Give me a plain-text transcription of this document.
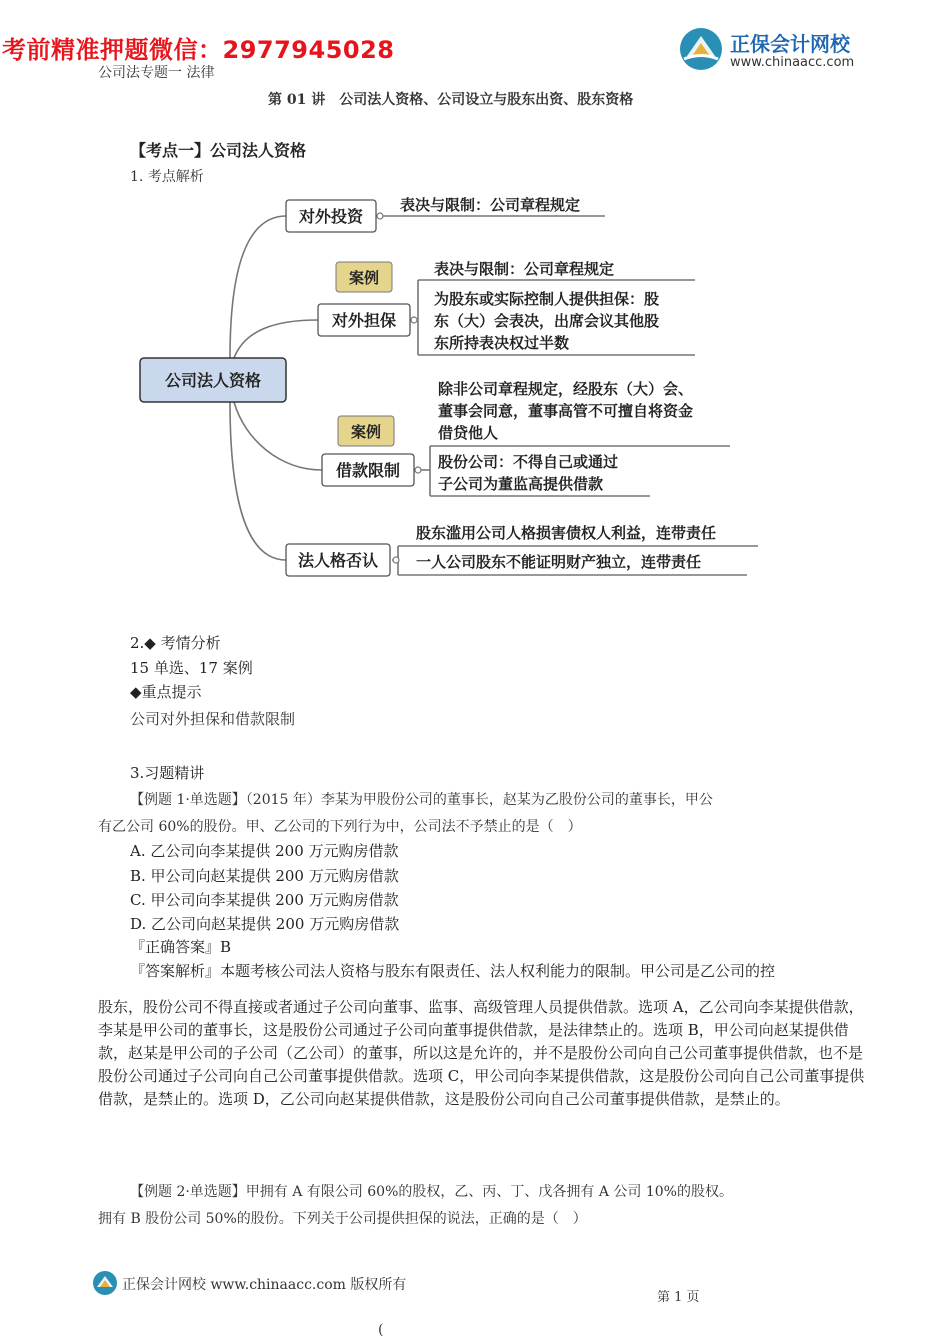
考前精准押题微信：2977945028	正保会计网校
www.chinaacc.com
公司法专题一 法律
第 01 讲　公司法人资格、公司设立与股东出资、股东资格
【考点一】公司法人资格
1. 考点解析
公司法人资格
对外投资
表决与限制：公司章程规定
案例
对外担保
表决与限制：公司章程规定
为股东或实际控制人提供担保：股
东（大）会表决，出席会议其他股
东所持表决权过半数
案例
借款限制
除非公司章程规定，经股东（大）会、
董事会同意，董事高管不可擅自将资金
借贷他人
股份公司：不得自己或通过
子公司为董监高提供借款
法人格否认
股东滥用公司人格损害债权人利益，连带责任
一人公司股东不能证明财产独立，连带责任
2.◆ 考情分析
15 单选、17 案例
◆重点提示
公司对外担保和借款限制
3.习题精讲
【例题 1·单选题】（2015 年）李某为甲股份公司的董事长，赵某为乙股份公司的董事长，甲公
有乙公司 60%的股份。甲、乙公司的下列行为中，公司法不予禁止的是（　）
A. 乙公司向李某提供 200 万元购房借款
B. 甲公司向赵某提供 200 万元购房借款
C. 甲公司向李某提供 200 万元购房借款
D. 乙公司向赵某提供 200 万元购房借款
『正确答案』B
『答案解析』本题考核公司法人资格与股东有限责任、法人权利能力的限制。甲公司是乙公司的控
股东，股份公司不得直接或者通过子公司向董事、监事、高级管理人员提供借款。选项 A，乙公司向李某提供借款，李某是甲公司的董事长，这是股份公司通过子公司向董事提供借款，是法律禁止的。选项 B，甲公司向赵某提供借款，赵某是甲公司的子公司（乙公司）的董事，所以这是允许的，并不是股份公司向自己公司董事提供借款，也不是股份公司通过子公司向自己公司董事提供借款。选项 C，甲公司向李某提供借款，这是股份公司向自己公司董事提供借款，是禁止的。选项 D，乙公司向赵某提供借款，这是股份公司向自己公司董事提供借款，是禁止的。
【例题 2·单选题】甲拥有 A 有限公司 60%的股权，乙、丙、丁、戊各拥有 A 公司 10%的股权。
拥有 B 股份公司 50%的股份。下列关于公司提供担保的说法，正确的是（　）
正保会计网校 www.chinaacc.com 版权所有
第 1 页
(
